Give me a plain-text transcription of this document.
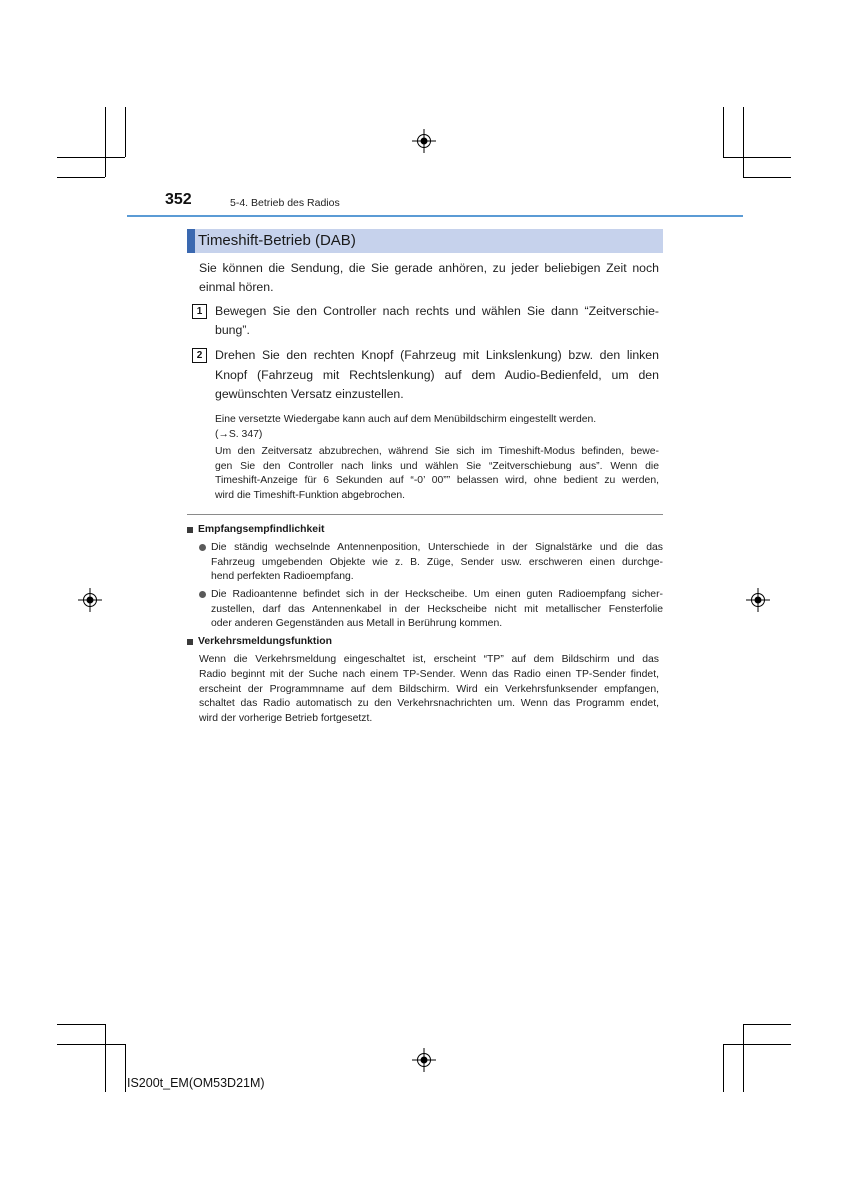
352	5-4. Betrieb des Radios
Timeshift-Betrieb (DAB)
Sie können die Sendung, die Sie gerade anhören, zu jeder beliebigen Zeit noch
einmal hören.
1	Bewegen Sie den Controller nach rechts und wählen Sie dann “Zeitverschie-
bung”.
2	Drehen Sie den rechten Knopf (Fahrzeug mit Linkslenkung) bzw. den linken
Knopf (Fahrzeug mit Rechtslenkung) auf dem Audio-Bedienfeld, um den
gewünschten Versatz einzustellen.
Eine versetzte Wiedergabe kann auch auf dem Menübildschirm eingestellt werden.
(→S. 347)
Um den Zeitversatz abzubrechen, während Sie sich im Timeshift-Modus befinden, bewe-
gen Sie den Controller nach links und wählen Sie “Zeitverschiebung aus”. Wenn die
Timeshift-Anzeige für 6 Sekunden auf “-0’ 00”” belassen wird, ohne bedient zu werden,
wird die Timeshift-Funktion abgebrochen.
Empfangsempfindlichkeit
Die ständig wechselnde Antennenposition, Unterschiede in der Signalstärke und die das
Fahrzeug umgebenden Objekte wie z. B. Züge, Sender usw. erschweren einen durchge-
hend perfekten Radioempfang.
Die Radioantenne befindet sich in der Heckscheibe. Um einen guten Radioempfang sicher-
zustellen, darf das Antennenkabel in der Heckscheibe nicht mit metallischer Fensterfolie
oder anderen Gegenständen aus Metall in Berührung kommen.
Verkehrsmeldungsfunktion
Wenn die Verkehrsmeldung eingeschaltet ist, erscheint “TP” auf dem Bildschirm und das
Radio beginnt mit der Suche nach einem TP-Sender. Wenn das Radio einen TP-Sender findet,
erscheint der Programmname auf dem Bildschirm. Wird ein Verkehrsfunksender empfangen,
schaltet das Radio automatisch zu den Verkehrsnachrichten um. Wenn das Programm endet,
wird der vorherige Betrieb fortgesetzt.
IS200t_EM(OM53D21M)
